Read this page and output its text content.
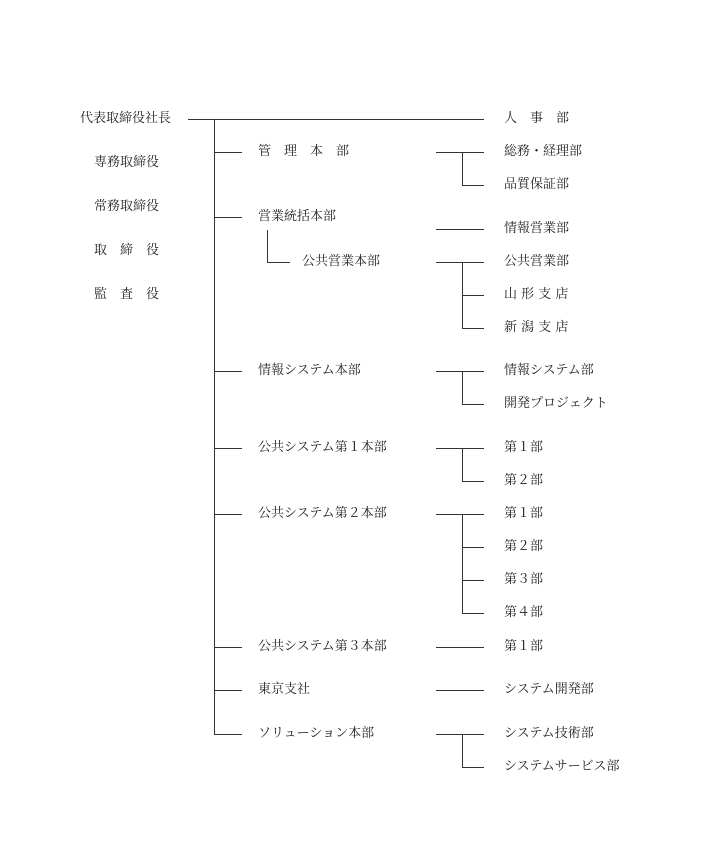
代表取締役社長
専務取締役
常務取締役
取　締　役
監　査　役
人　事　部
管　理　本　部	総務・経理部
品質保証部
営業統括本部
情報営業部
公共営業本部	公共営業部
山 形 支 店
新 潟 支 店
情報システム本部	情報システム部
開発プロジェクト
公共システム第１本部	第１部
第２部
公共システム第２本部	第１部
第２部
第３部
第４部
公共システム第３本部	第１部
東京支社	システム開発部
ソリューション本部	システム技術部
システムサービス部
